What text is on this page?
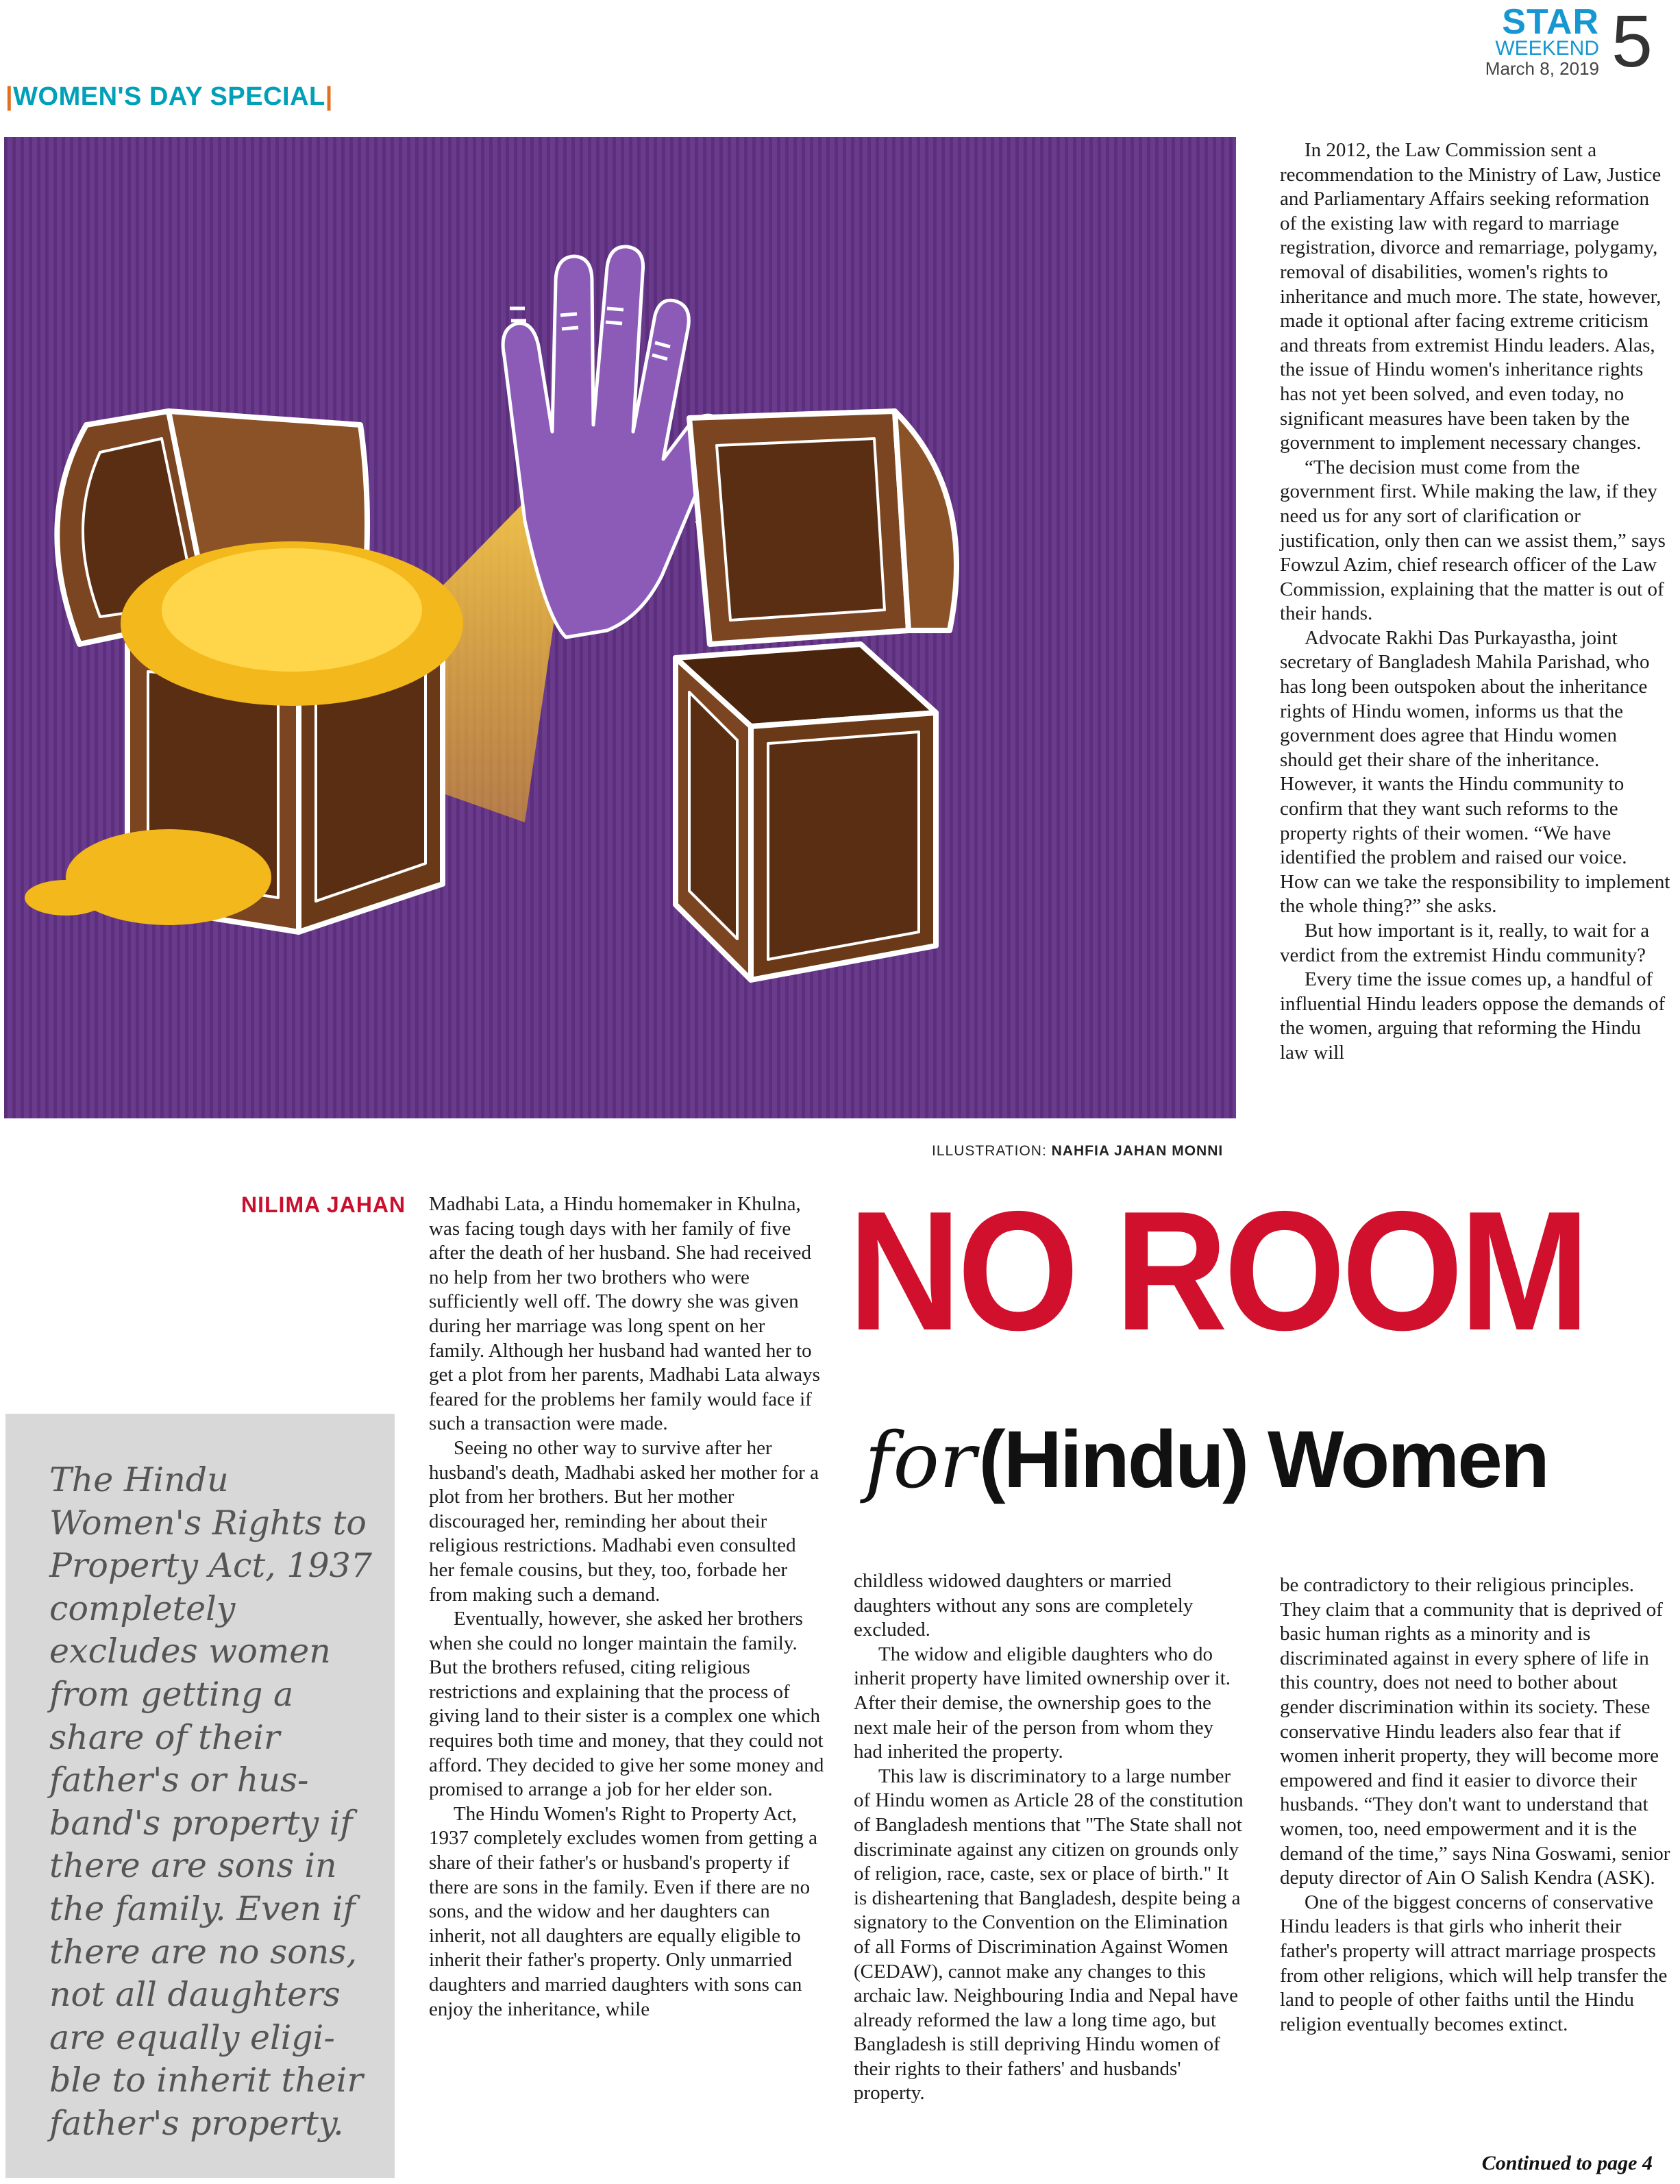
STAR
WEEKEND
March 8, 2019 5
|WOMEN'S DAY SPECIAL|
ILLUSTRATION: NAHFIA JAHAN MONNI

In 2012, the Law Commission sent a recommendation to the Ministry of Law, Justice and Parliamentary Affairs seeking reformation of the existing law with regard to marriage registration, divorce and remarriage, polygamy, removal of disabilities, women's rights to inheritance and much more. The state, however, made it optional after facing extreme criticism and threats from extremist Hindu leaders. Alas, the issue of Hindu women's inheritance rights has not yet been solved, and even today, no significant measures have been taken by the government to implement necessary changes.

“The decision must come from the government first. While making the law, if they need us for any sort of clarification or justification, only then can we assist them,” says Fowzul Azim, chief research officer of the Law Commission, explaining that the matter is out of their hands.

Advocate Rakhi Das Purkayastha, joint secretary of Bangladesh Mahila Parishad, who has long been outspoken about the inheritance rights of Hindu women, informs us that the government does agree that Hindu women should get their share of the inheritance. However, it wants the Hindu community to confirm that they want such reforms to the property rights of their women. “We have identified the problem and raised our voice. How can we take the responsibility to implement the whole thing?” she asks.

But how important is it, really, to wait for a verdict from the extremist Hindu community?

Every time the issue comes up, a handful of influential Hindu leaders oppose the demands of the women, arguing that reforming the Hindu law will

NILIMA JAHAN Madhabi Lata, a Hindu homemaker in Khulna, was facing tough days with her family of five after the death of her husband. She had received no help from her two brothers who were sufficiently well off. The dowry she was given during her marriage was long spent on her family. Although her husband had wanted her to get a plot from her parents, Madhabi Lata always feared for the problems her family would face if such a transaction were made.

Seeing no other way to survive after her husband's death, Madhabi asked her mother for a plot from her brothers. But her mother discouraged her, reminding her about their religious restrictions. Madhabi even consulted her female cousins, but they, too, forbade her from making such a demand.

Eventually, however, she asked her brothers when she could no longer maintain the family. But the brothers refused, citing religious restrictions and explaining that the process of giving land to their sister is a complex one which requires both time and money, that they could not afford. They decided to give her some money and promised to arrange a job for her elder son.

The Hindu Women's Right to Property Act, 1937 completely excludes women from getting a share of their father's or husband's property if there are sons in the family. Even if there are no sons, and the widow and her daughters can inherit, not all daughters are equally eligible to inherit their father's property. Only unmarried daughters and married daughters with sons can enjoy the inheritance, while

NO ROOM
for (Hindu) Women
The Hindu
Women's Rights to
Property Act, 1937
completely
excludes women
from getting a
share of their
father's or hus-
band's property if
there are sons in
the family. Even if
there are no sons,
not all daughters
are equally eligi-
ble to inherit their
father's property.

childless widowed daughters or married daughters without any sons are completely excluded.

The widow and eligible daughters who do inherit property have limited ownership over it. After their demise, the ownership goes to the next male heir of the person from whom they had inherited the property.

This law is discriminatory to a large number of Hindu women as Article 28 of the constitution of Bangladesh mentions that "The State shall not discriminate against any citizen on grounds only of religion, race, caste, sex or place of birth." It is disheartening that Bangladesh, despite being a signatory to the Convention on the Elimination of all Forms of Discrimination Against Women (CEDAW), cannot make any changes to this archaic law. Neighbouring India and Nepal have already reformed the law a long time ago, but Bangladesh is still depriving Hindu women of their rights to their fathers' and husbands' property.

be contradictory to their religious principles. They claim that a community that is deprived of basic human rights as a minority and is discriminated against in every sphere of life in this country, does not need to bother about gender discrimination within its society. These conservative Hindu leaders also fear that if women inherit property, they will become more empowered and find it easier to divorce their husbands. “They don't want to understand that women, too, need empowerment and it is the demand of the time,” says Nina Goswami, senior deputy director of Ain O Salish Kendra (ASK).

One of the biggest concerns of conservative Hindu leaders is that girls who inherit their father's property will attract marriage prospects from other religions, which will help transfer the land to people of other faiths until the Hindu religion eventually becomes extinct.

Continued to page 4
